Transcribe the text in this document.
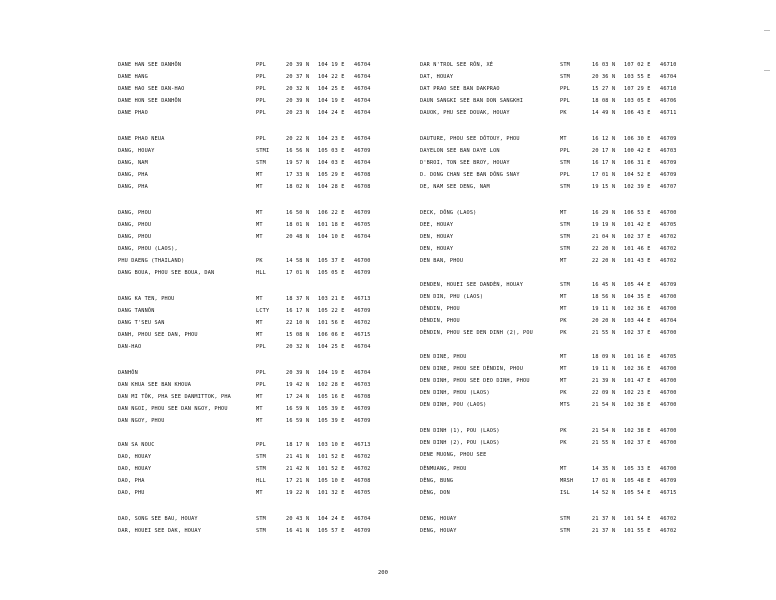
DANE HAN SEE DANHÔN	PPL	20 39 N 104 19 E 46704
DANE HANG	PPL	20 37 N 104 22 E 46704
DANE HAO SEE DAN-HAO	PPL	20 32 N 104 25 E 46704
DANE HON SEE DANHÔN	PPL	20 39 N 104 19 E 46704
DANE PHAO	PPL	20 23 N 104 24 E 46704
DANE PHAO NEUA	PPL	20 22 N 104 23 E 46704
DANG, HOUAY	STMI	16 56 N 105 03 E 46709
DANG, NAM	STM	19 57 N 104 03 E 46704
DANG, PHA	MT	17 33 N 105 29 E 46708
DANG, PHA	MT	18 02 N 104 28 E 46708
DANG, PHOU	MT	16 50 N 106 22 E 46709
DANG, PHOU	MT	18 01 N 101 18 E 46705
DANG, PHOU	MT	20 48 N 104 10 E 46704
DANG, PHOU (LAOS),
PHU DAENG (THAILAND)	PK	14 58 N 105 37 E 46700
DANG BOUA, PHOU SEE BOUA, DAN	HLL	17 01 N 105 05 E 46709
DANG KA TEN, PHOU	MT	18 37 N 103 21 E 46713
DANG TANNÔN	LCTY	16 17 N 105 22 E 46709
DANG T'SEU SAN	MT	22 10 N 101 56 E 46702
DANH, PHOU SEE DAN, PHOU	MT	15 08 N 106 06 E 46715
DAN-HAO	PPL	20 32 N 104 25 E 46704
DANHÔN	PPL	20 39 N 104 19 E 46704
DAN KHUA SEE BAN KHOUA	PPL	19 42 N 102 28 E 46703
DAN MI TÔK, PHA SEE DANMITTOK, PHA	MT	17 24 N 105 16 E 46708
DAN NGOI, PHOU SEE DAN NGOY, PHOU	MT	16 59 N 105 39 E 46709
DAN NGOY, PHOU	MT	16 59 N 105 39 E 46709
DAN SA NOUC	PPL	18 17 N 103 10 E 46713
DAO, HOUAY	STM	21 41 N 101 52 E 46702
DAO, HOUAY	STM	21 42 N 101 52 E 46702
DAO, PHA	HLL	17 21 N 105 10 E 46708
DAO, PHU	MT	19 22 N 101 32 E 46705
DAO, SONG SEE BAU, HOUAY	STM	20 43 N 104 24 E 46704
DAR, HOUEI SEE DAK, HOUAY	STM	16 41 N 105 57 E 46709
DAR N'TROL SEE RÔN, XÉ	STM	16 03 N 107 02 E 46710
DAT, HOUAY	STM	20 36 N 103 55 E 46704
DAT PRAO SEE BAN DAKPRAO	PPL	15 27 N 107 29 E 46710
DAUN SANGKI SEE BAN DON SANGKHI	PPL	18 08 N 103 05 E 46706
DAUOK, PHU SEE DOUAK, HOUAY	PK	14 49 N 106 43 E 46711
DAUTURE, PHOU SEE DÔTOUY, PHOU	MT	16 12 N 106 30 E 46709
DAYELON SEE BAN DAYE LON	PPL	20 17 N 100 42 E 46703
D'BROI, TON SEE BROY, HOUAY	STM	16 17 N 106 31 E 46709
D. DONG CHAN SEE BAN DÔNG SNAY	PPL	17 01 N 104 52 E 46709
DE, NAM SEE DENG, NAM	STM	19 15 N 102 39 E 46707
DECK, DÔNG (LAOS)	MT	16 29 N 106 53 E 46700
DEE, HOUAY	STM	19 19 N 101 42 E 46705
DEN, HOUAY	STM	21 04 N 102 37 E 46702
DEN, HOUAY	STM	22 20 N 101 46 E 46702
DEN BAN, PHOU	MT	22 20 N 101 43 E 46702
DENDEN, HOUEI SEE DANDÈN, HOUAY	STM	16 45 N 105 44 E 46709
DEN DIN, PHU (LAOS)	MT	18 56 N 104 35 E 46700
DÈNDIN, PHOU	MT	19 11 N 102 36 E 46700
DÈNDIN, PHOU	PK	20 20 N 103 44 E 46704
DÈNDIN, PHOU SEE DEN DINH (2), POU	PK	21 55 N 102 37 E 46700
DEN DINE, PHOU	MT	18 09 N 101 16 E 46705
DEN DINE, PHOU SEE DÈNDIN, PHOU	MT	19 11 N 102 36 E 46700
DEN DINH, PHOU SEE DEO DINH, PHOU	MT	21 39 N 101 47 E 46700
DEN DINH, PHOU (LAOS)	PK	22 09 N 102 23 E 46700
DEN DINH, POU (LAOS)	MTS	21 54 N 102 38 E 46700
DEN DINH (1), POU (LAOS)	PK	21 54 N 102 38 E 46700
DEN DINH (2), POU (LAOS)	PK	21 55 N 102 37 E 46700
DENE MUONG, PHOU SEE
DÈNMUANG, PHOU	MT	14 35 N 105 33 E 46700
DÈNG, BUNG	MRSH	17 01 N 105 48 E 46709
DÈNG, DON	ISL	14 52 N 105 54 E 46715
DENG, HOUAY	STM	21 37 N 101 54 E 46702
DENG, HOUAY	STM	21 37 N 101 55 E 46702
200
